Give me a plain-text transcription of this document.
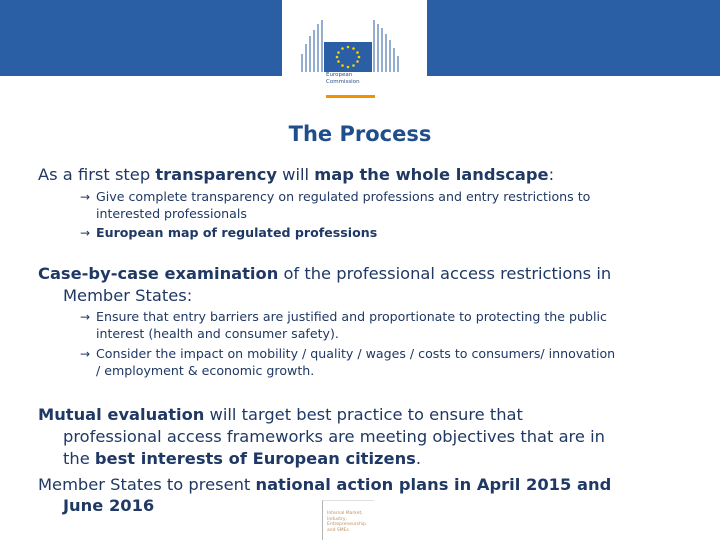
European
Commission
The Process
As a first step transparency will map the whole landscape:
→ Give complete transparency on regulated professions and entry restrictions to
interested professionals
→ European map of regulated professions
Case-by-case examination of the professional access restrictions in
Member States:
→ Ensure that entry barriers are justified and proportionate to protecting the public
interest (health and consumer safety).
→ Consider the impact on mobility / quality / wages / costs to consumers/ innovation
/ employment & economic growth.
Mutual evaluation will target best practice to ensure that
professional access frameworks are meeting objectives that are in
the best interests of European citizens.
Member States to present national action plans in April 2015 and
June 2016	Internal Market, Industry, Entrepreneurship and SMEs
